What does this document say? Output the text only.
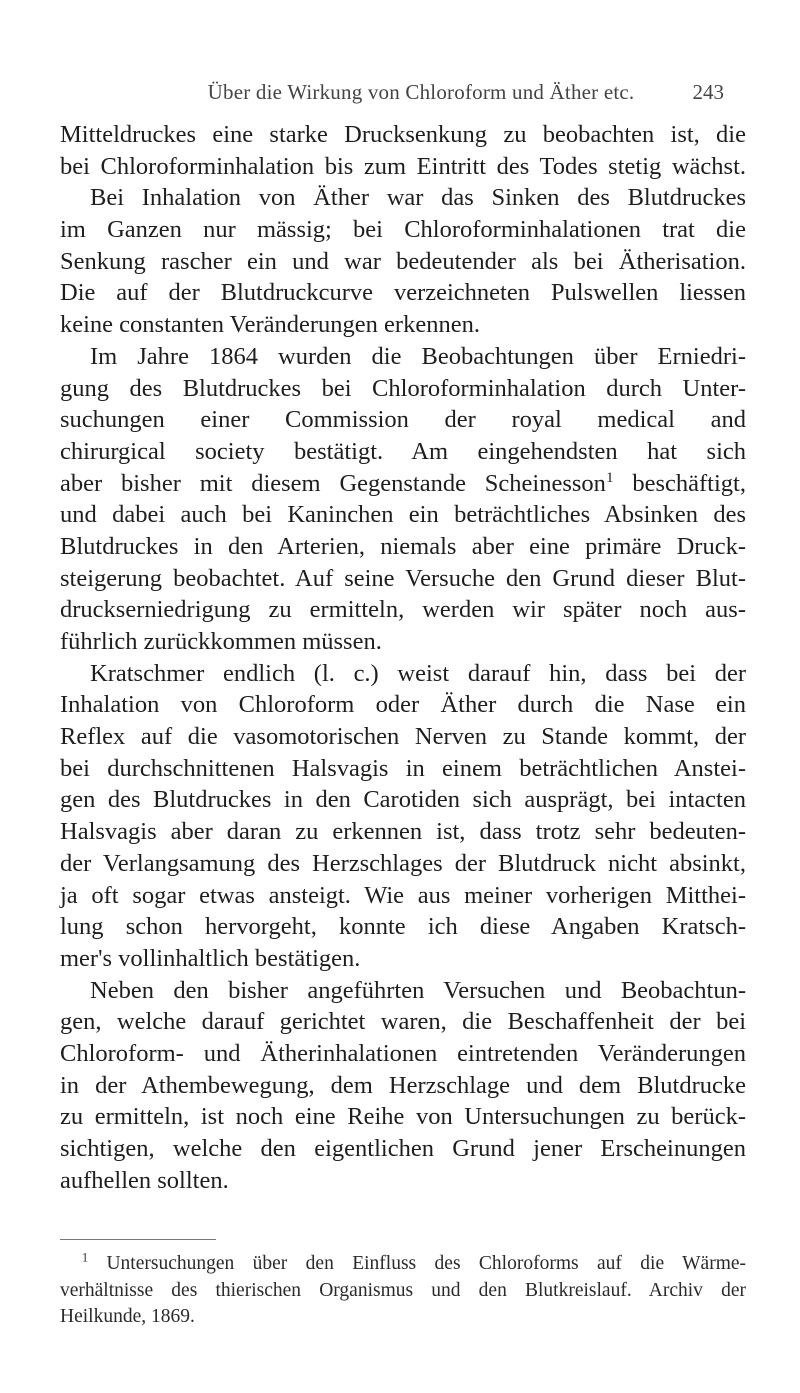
Über die Wirkung von Chloroform und Äther etc.	243
Mitteldruckes eine starke Drucksenkung zu beobachten ist, die
bei Chloroforminhalation bis zum Eintritt des Todes stetig wächst.
Bei Inhalation von Äther war das Sinken des Blutdruckes
im Ganzen nur mässig; bei Chloroforminhalationen trat die
Senkung rascher ein und war bedeutender als bei Ätherisation.
Die auf der Blutdruckcurve verzeichneten Pulswellen liessen
keine constanten Veränderungen erkennen.
Im Jahre 1864 wurden die Beobachtungen über Erniedri-
gung des Blutdruckes bei Chloroforminhalation durch Unter-
suchungen einer Commission der royal medical and
chirurgical society bestätigt. Am eingehendsten hat sich
aber bisher mit diesem Gegenstande Scheinesson$^1$ beschäftigt,
und dabei auch bei Kaninchen ein beträchtliches Absinken des
Blutdruckes in den Arterien, niemals aber eine primäre Druck-
steigerung beobachtet. Auf seine Versuche den Grund dieser Blut-
druckserniedrigung zu ermitteln, werden wir später noch aus-
führlich zurückkommen müssen.
Kratschmer endlich (l. c.) weist darauf hin, dass bei der
Inhalation von Chloroform oder Äther durch die Nase ein
Reflex auf die vasomotorischen Nerven zu Stande kommt, der
bei durchschnittenen Halsvagis in einem beträchtlichen Anstei-
gen des Blutdruckes in den Carotiden sich ausprägt, bei intacten
Halsvagis aber daran zu erkennen ist, dass trotz sehr bedeuten-
der Verlangsamung des Herzschlages der Blutdruck nicht absinkt,
ja oft sogar etwas ansteigt. Wie aus meiner vorherigen Mitthei-
lung schon hervorgeht, konnte ich diese Angaben Kratsch-
mer's vollinhaltlich bestätigen.
Neben den bisher angeführten Versuchen und Beobachtun-
gen, welche darauf gerichtet waren, die Beschaffenheit der bei
Chloroform- und Ätherinhalationen eintretenden Veränderungen
in der Athembewegung, dem Herzschlage und dem Blutdrucke
zu ermitteln, ist noch eine Reihe von Untersuchungen zu berück-
sichtigen, welche den eigentlichen Grund jener Erscheinungen
aufhellen sollten.
$^1$ Untersuchungen über den Einfluss des Chloroforms auf die Wärme-
verhältnisse des thierischen Organismus und den Blutkreislauf. Archiv der
Heilkunde, 1869.
